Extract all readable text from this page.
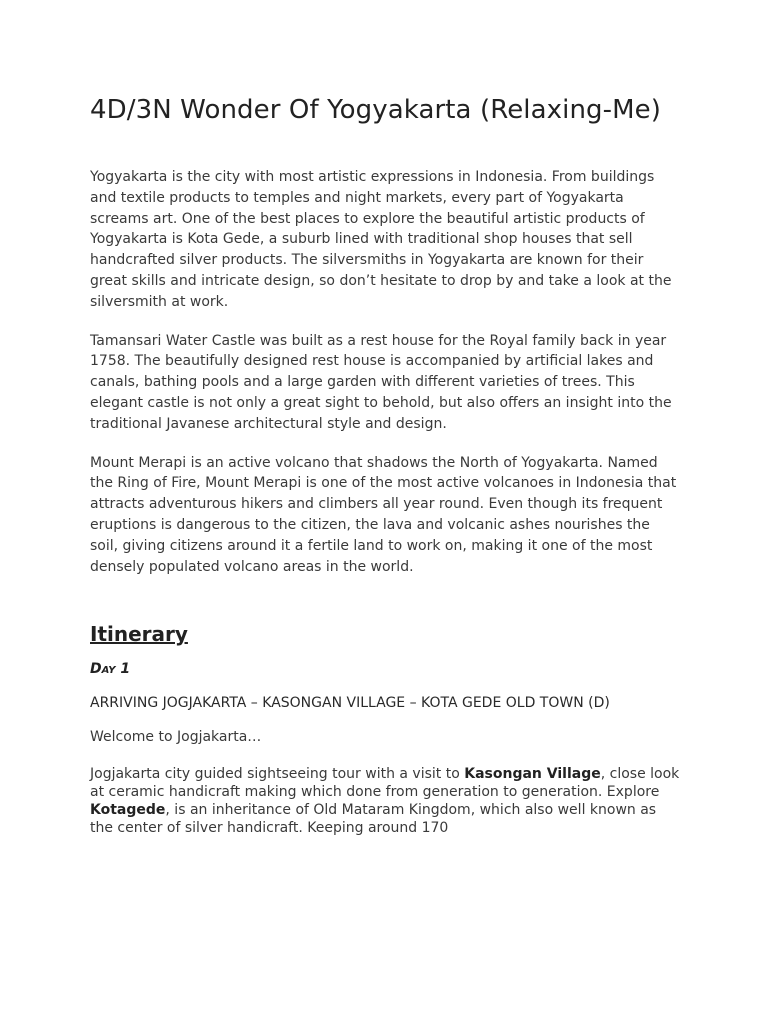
4D/3N Wonder Of Yogyakarta (Relaxing-Me)

Yogyakarta is the city with most artistic expressions in Indonesia. From buildings and textile products to temples and night markets, every part of Yogyakarta screams art. One of the best places to explore the beautiful artistic products of Yogyakarta is Kota Gede, a suburb lined with traditional shop houses that sell handcrafted silver products. The silversmiths in Yogyakarta are known for their great skills and intricate design, so don’t hesitate to drop by and take a look at the silversmith at work.

Tamansari Water Castle was built as a rest house for the Royal family back in year 1758. The beautifully designed rest house is accompanied by artificial lakes and canals, bathing pools and a large garden with different varieties of trees. This elegant castle is not only a great sight to behold, but also offers an insight into the traditional Javanese architectural style and design.

Mount Merapi is an active volcano that shadows the North of Yogyakarta. Named the Ring of Fire, Mount Merapi is one of the most active volcanoes in Indonesia that attracts adventurous hikers and climbers all year round. Even though its frequent eruptions is dangerous to the citizen, the lava and volcanic ashes nourishes the soil, giving citizens around it a fertile land to work on, making it one of the most densely populated volcano areas in the world.

Itinerary
Day 1
ARRIVING JOGJAKARTA – KASONGAN VILLAGE – KOTA GEDE OLD TOWN (D)
Welcome to Jogjakarta…

Jogjakarta city guided sightseeing tour with a visit to Kasongan Village, close look at ceramic handicraft making which done from generation to generation. Explore Kotagede, is an inheritance of Old Mataram Kingdom, which also well known as the center of silver handicraft. Keeping around 170
